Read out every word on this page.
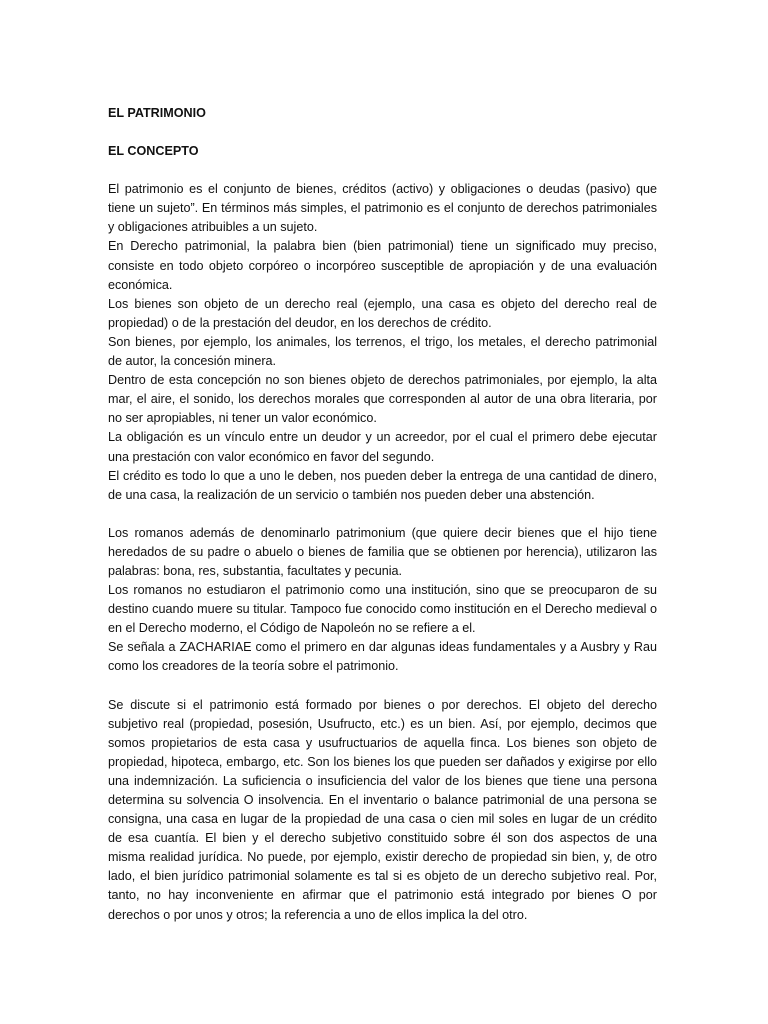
EL PATRIMONIO

EL CONCEPTO

El patrimonio es el conjunto de bienes, créditos (activo) y obligaciones o deudas (pasivo) que tiene un sujeto”. En términos más simples, el patrimonio es el conjunto de derechos patrimoniales y obligaciones atribuibles a un sujeto.

En Derecho patrimonial, la palabra bien (bien patrimonial) tiene un significado muy preciso, consiste en todo objeto corpóreo o incorpóreo susceptible de apropiación y de una evaluación económica.

Los bienes son objeto de un derecho real (ejemplo, una casa es objeto del derecho real de propiedad) o de la prestación del deudor, en los derechos de crédito.

Son bienes, por ejemplo, los animales, los terrenos, el trigo, los metales, el derecho patrimonial de autor, la concesión minera.

Dentro de esta concepción no son bienes objeto de derechos patrimoniales, por ejemplo, la alta mar, el aire, el sonido, los derechos morales que corresponden al autor de una obra literaria, por no ser apropiables, ni tener un valor económico.

La obligación es un vínculo entre un deudor y un acreedor, por el cual el primero debe ejecutar una prestación con valor económico en favor del segundo.

El crédito es todo lo que a uno le deben, nos pueden deber la entrega de una cantidad de dinero, de una casa, la realización de un servicio o también nos pueden deber una abstención.

Los romanos además de denominarlo patrimonium (que quiere decir bienes que el hijo tiene heredados de su padre o abuelo o bienes de familia que se obtienen por herencia), utilizaron las palabras: bona, res, substantia, facultates y pecunia.

Los romanos no estudiaron el patrimonio como una institución, sino que se preocuparon de su destino cuando muere su titular. Tampoco fue conocido como institución en el Derecho medieval o en el Derecho moderno, el Código de Napoleón no se refiere a el.

Se señala a ZACHARIAE como el primero en dar algunas ideas fundamentales y a Ausbry y Rau como los creadores de la teoría sobre el patrimonio.

Se discute si el patrimonio está formado por bienes o por derechos. El objeto del derecho subjetivo real (propiedad, posesión, Usufructo, etc.) es un bien. Así, por ejemplo, decimos que somos propietarios de esta casa y usufructuarios de aquella finca. Los bienes son objeto de propiedad, hipoteca, embargo, etc. Son los bienes los que pueden ser dañados y exigirse por ello una indemnización. La suficiencia o insuficiencia del valor de los bienes que tiene una persona determina su solvencia O insolvencia. En el inventario o balance patrimonial de una persona se consigna, una casa en lugar de la propiedad de una casa o cien mil soles en lugar de un crédito de esa cuantía. El bien y el derecho subjetivo constituido sobre él son dos aspectos de una misma realidad jurídica. No puede, por ejemplo, existir derecho de propiedad sin bien, y, de otro lado, el bien jurídico patrimonial solamente es tal si es objeto de un derecho subjetivo real. Por, tanto, no hay inconveniente en afirmar que el patrimonio está integrado por bienes O por derechos o por unos y otros; la referencia a uno de ellos implica la del otro.
